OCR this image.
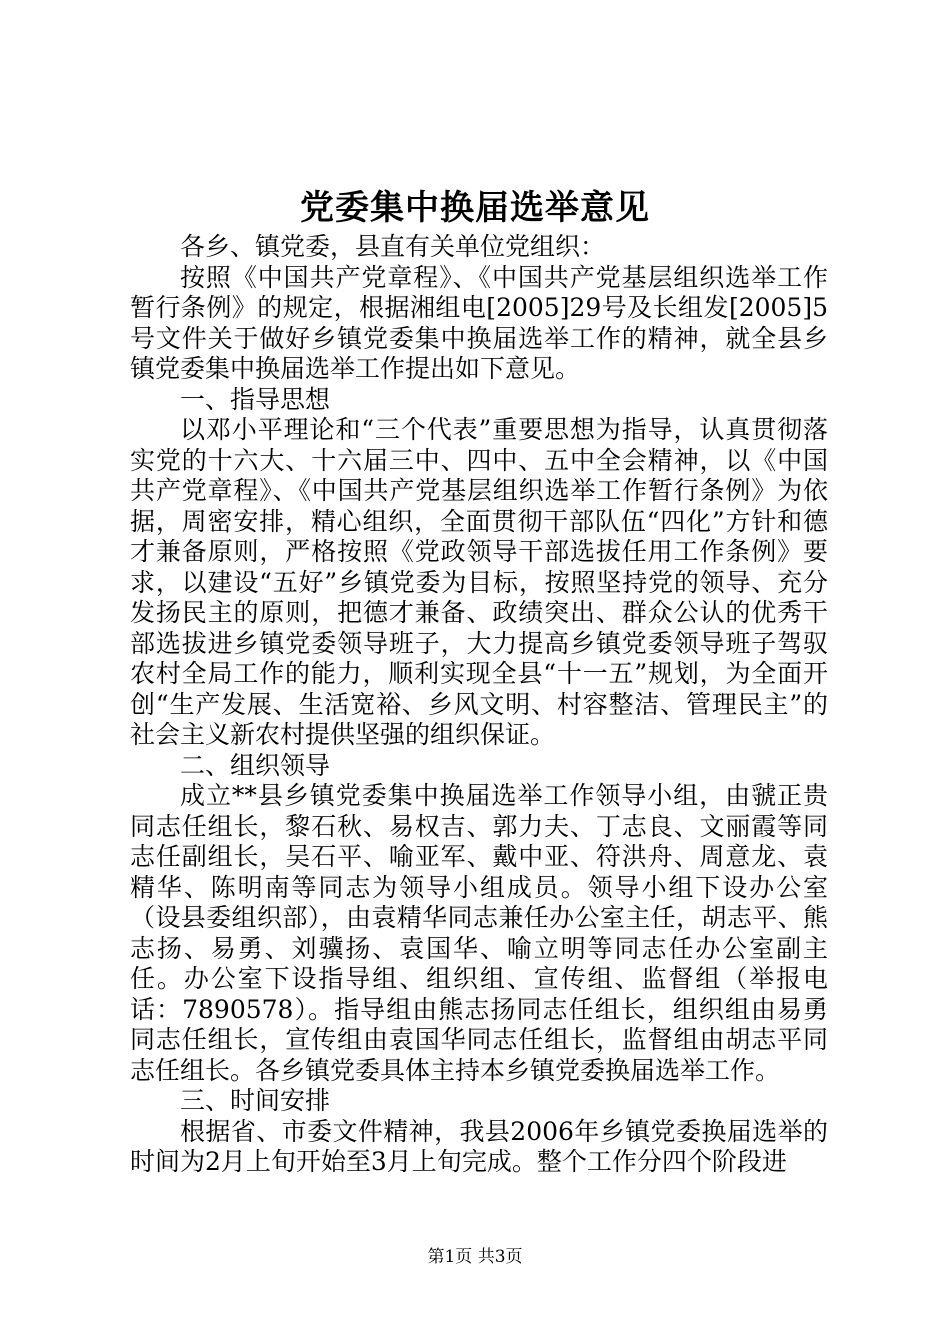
党委集中换届选举意见

各乡、镇党委，县直有关单位党组织：

按照《中国共产党章程》、《中国共产党基层组织选举工作暂行条例》的规定，根据湘组电[2005]29号及长组发[2005]5号文件关于做好乡镇党委集中换届选举工作的精神，就全县乡镇党委集中换届选举工作提出如下意见。

一、指导思想

以邓小平理论和“三个代表”重要思想为指导，认真贯彻落实党的十六大、十六届三中、四中、五中全会精神，以《中国共产党章程》、《中国共产党基层组织选举工作暂行条例》为依据，周密安排，精心组织，全面贯彻干部队伍“四化”方针和德才兼备原则，严格按照《党政领导干部选拔任用工作条例》要求，以建设“五好”乡镇党委为目标，按照坚持党的领导、充分发扬民主的原则，把德才兼备、政绩突出、群众公认的优秀干部选拔进乡镇党委领导班子，大力提高乡镇党委领导班子驾驭农村全局工作的能力，顺利实现全县“十一五”规划，为全面开创“生产发展、生活宽裕、乡风文明、村容整洁、管理民主”的社会主义新农村提供坚强的组织保证。

二、组织领导

成立**县乡镇党委集中换届选举工作领导小组，由虢正贵同志任组长，黎石秋、易权吉、郭力夫、丁志良、文丽霞等同志任副组长，吴石平、喻亚军、戴中亚、符洪舟、周意龙、袁精华、陈明南等同志为领导小组成员。领导小组下设办公室（设县委组织部），由袁精华同志兼任办公室主任，胡志平、熊志扬、易勇、刘骥扬、袁国华、喻立明等同志任办公室副主任。办公室下设指导组、组织组、宣传组、监督组（举报电话：7890578）。指导组由熊志扬同志任组长，组织组由易勇同志任组长，宣传组由袁国华同志任组长，监督组由胡志平同志任组长。各乡镇党委具体主持本乡镇党委换届选举工作。

三、时间安排

根据省、市委文件精神，我县2006年乡镇党委换届选举的时间为2月上旬开始至3月上旬完成。整个工作分四个阶段进

第1页 共3页
